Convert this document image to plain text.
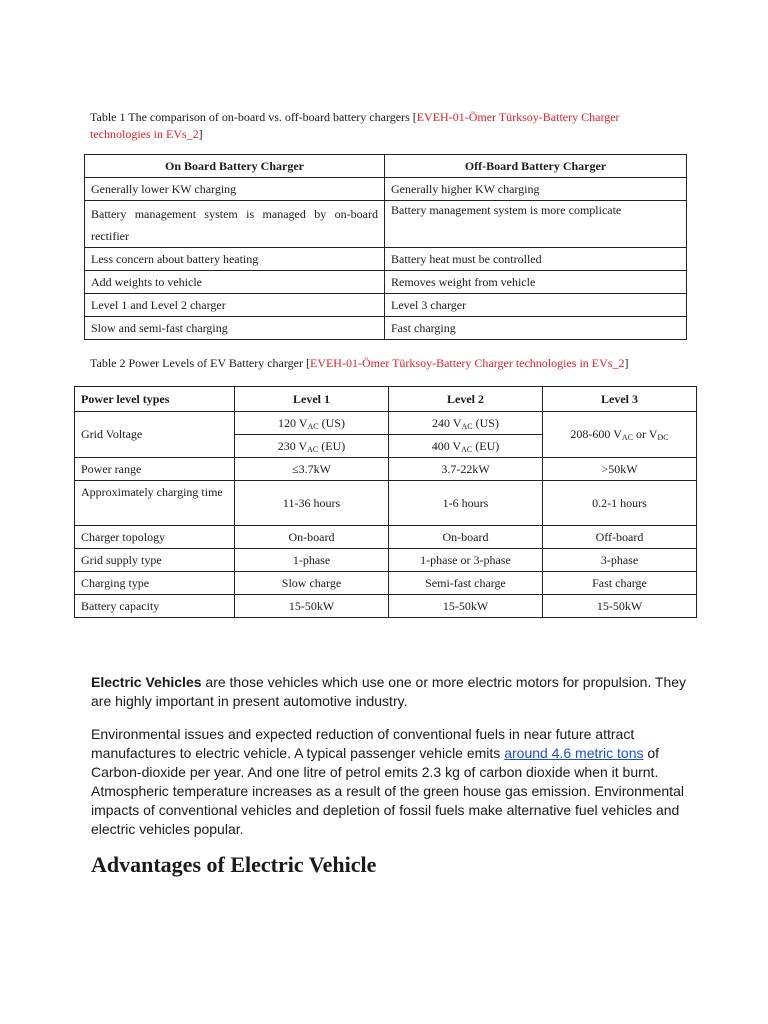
Table 1 The comparison of on-board vs. off-board battery chargers [EVEH-01-Ömer Türksoy-Battery Charger technologies in EVs_2]
On Board Battery Charger	Off-Board Battery Charger
Generally lower KW charging	Generally higher KW charging
Battery management system is managed by on-board rectifier	Battery management system is more complicate
Less concern about battery heating	Battery heat must be controlled
Add weights to vehicle	Removes weight from vehicle
Level 1 and Level 2 charger	Level 3 charger
Slow and semi-fast charging	Fast charging
Table 2 Power Levels of EV Battery charger [EVEH-01-Ömer Türksoy-Battery Charger technologies in EVs_2]
Power level types	Level 1	Level 2	Level 3
Grid Voltage	120 $V_{AC}$ (US)	240 $V_{AC}$ (US)	208-600 $V_{AC}$ or $V_{DC}$
	230 $V_{AC}$ (EU)	400 $V_{AC}$ (EU)	
Power range	≤3.7kW	3.7-22kW	>50kW
Approximately charging time	11-36 hours	1-6 hours	0.2-1 hours
Charger topology	On-board	On-board	Off-board
Grid supply type	1-phase	1-phase or 3-phase	3-phase
Charging type	Slow charge	Semi-fast charge	Fast charge
Battery capacity	15-50kW	15-50kW	15-50kW

Electric Vehicles are those vehicles which use one or more electric motors for propulsion. They are highly important in present automotive industry.

Environmental issues and expected reduction of conventional fuels in near future attract manufactures to electric vehicle. A typical passenger vehicle emits around 4.6 metric tons of Carbon-dioxide per year. And one litre of petrol emits 2.3 kg of carbon dioxide when it burnt. Atmospheric temperature increases as a result of the green house gas emission. Environmental impacts of conventional vehicles and depletion of fossil fuels make alternative fuel vehicles and electric vehicles popular.

Advantages of Electric Vehicle
